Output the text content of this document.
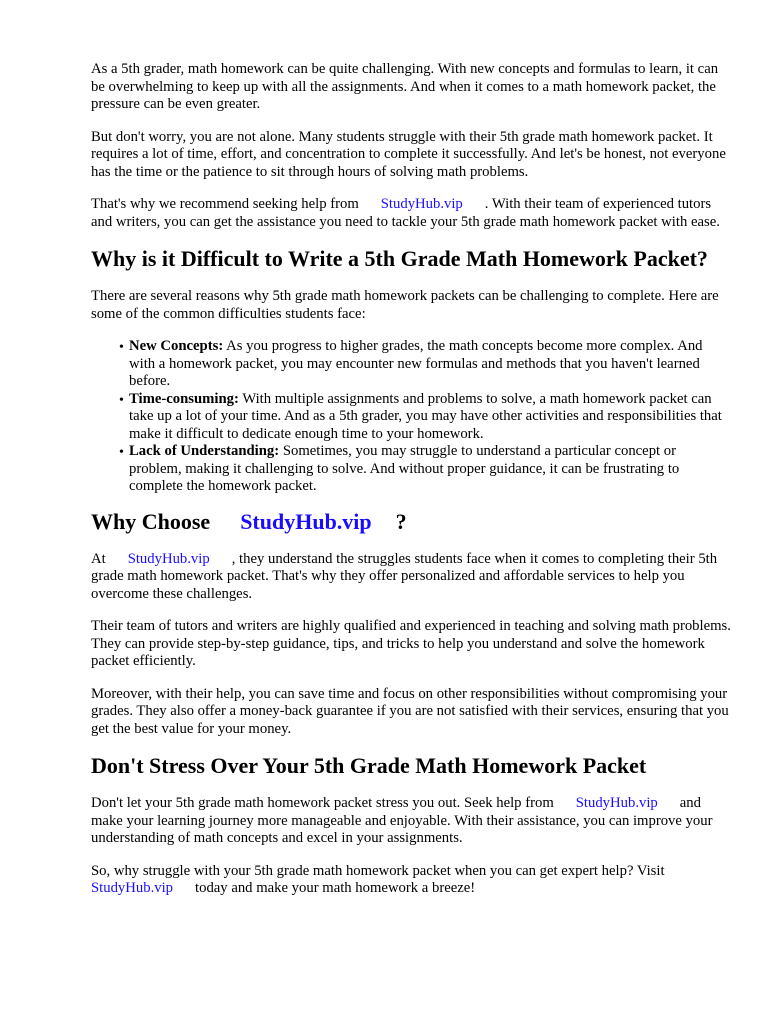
As a 5th grader, math homework can be quite challenging. With new concepts and formulas to learn, it can be overwhelming to keep up with all the assignments. And when it comes to a math homework packet, the pressure can be even greater.

But don't worry, you are not alone. Many students struggle with their 5th grade math homework packet. It requires a lot of time, effort, and concentration to complete it successfully. And let's be honest, not everyone has the time or the patience to sit through hours of solving math problems.

That's why we recommend seeking help from StudyHub.vip . With their team of experienced tutors and writers, you can get the assistance you need to tackle your 5th grade math homework packet with ease.

Why is it Difficult to Write a 5th Grade Math Homework Packet?

There are several reasons why 5th grade math homework packets can be challenging to complete. Here are some of the common difficulties students face:

• New Concepts: As you progress to higher grades, the math concepts become more complex. And with a homework packet, you may encounter new formulas and methods that you haven't learned before.
• Time-consuming: With multiple assignments and problems to solve, a math homework packet can take up a lot of your time. And as a 5th grader, you may have other activities and responsibilities that make it difficult to dedicate enough time to your homework.
• Lack of Understanding: Sometimes, you may struggle to understand a particular concept or problem, making it challenging to solve. And without proper guidance, it can be frustrating to complete the homework packet.
Why Choose StudyHub.vip ?

At StudyHub.vip , they understand the struggles students face when it comes to completing their 5th grade math homework packet. That's why they offer personalized and affordable services to help you overcome these challenges.

Their team of tutors and writers are highly qualified and experienced in teaching and solving math problems. They can provide step-by-step guidance, tips, and tricks to help you understand and solve the homework packet efficiently.

Moreover, with their help, you can save time and focus on other responsibilities without compromising your grades. They also offer a money-back guarantee if you are not satisfied with their services, ensuring that you get the best value for your money.

Don't Stress Over Your 5th Grade Math Homework Packet

Don't let your 5th grade math homework packet stress you out. Seek help from StudyHub.vip and make your learning journey more manageable and enjoyable. With their assistance, you can improve your understanding of math concepts and excel in your assignments.

So, why struggle with your 5th grade math homework packet when you can get expert help? Visit StudyHub.vip today and make your math homework a breeze!
